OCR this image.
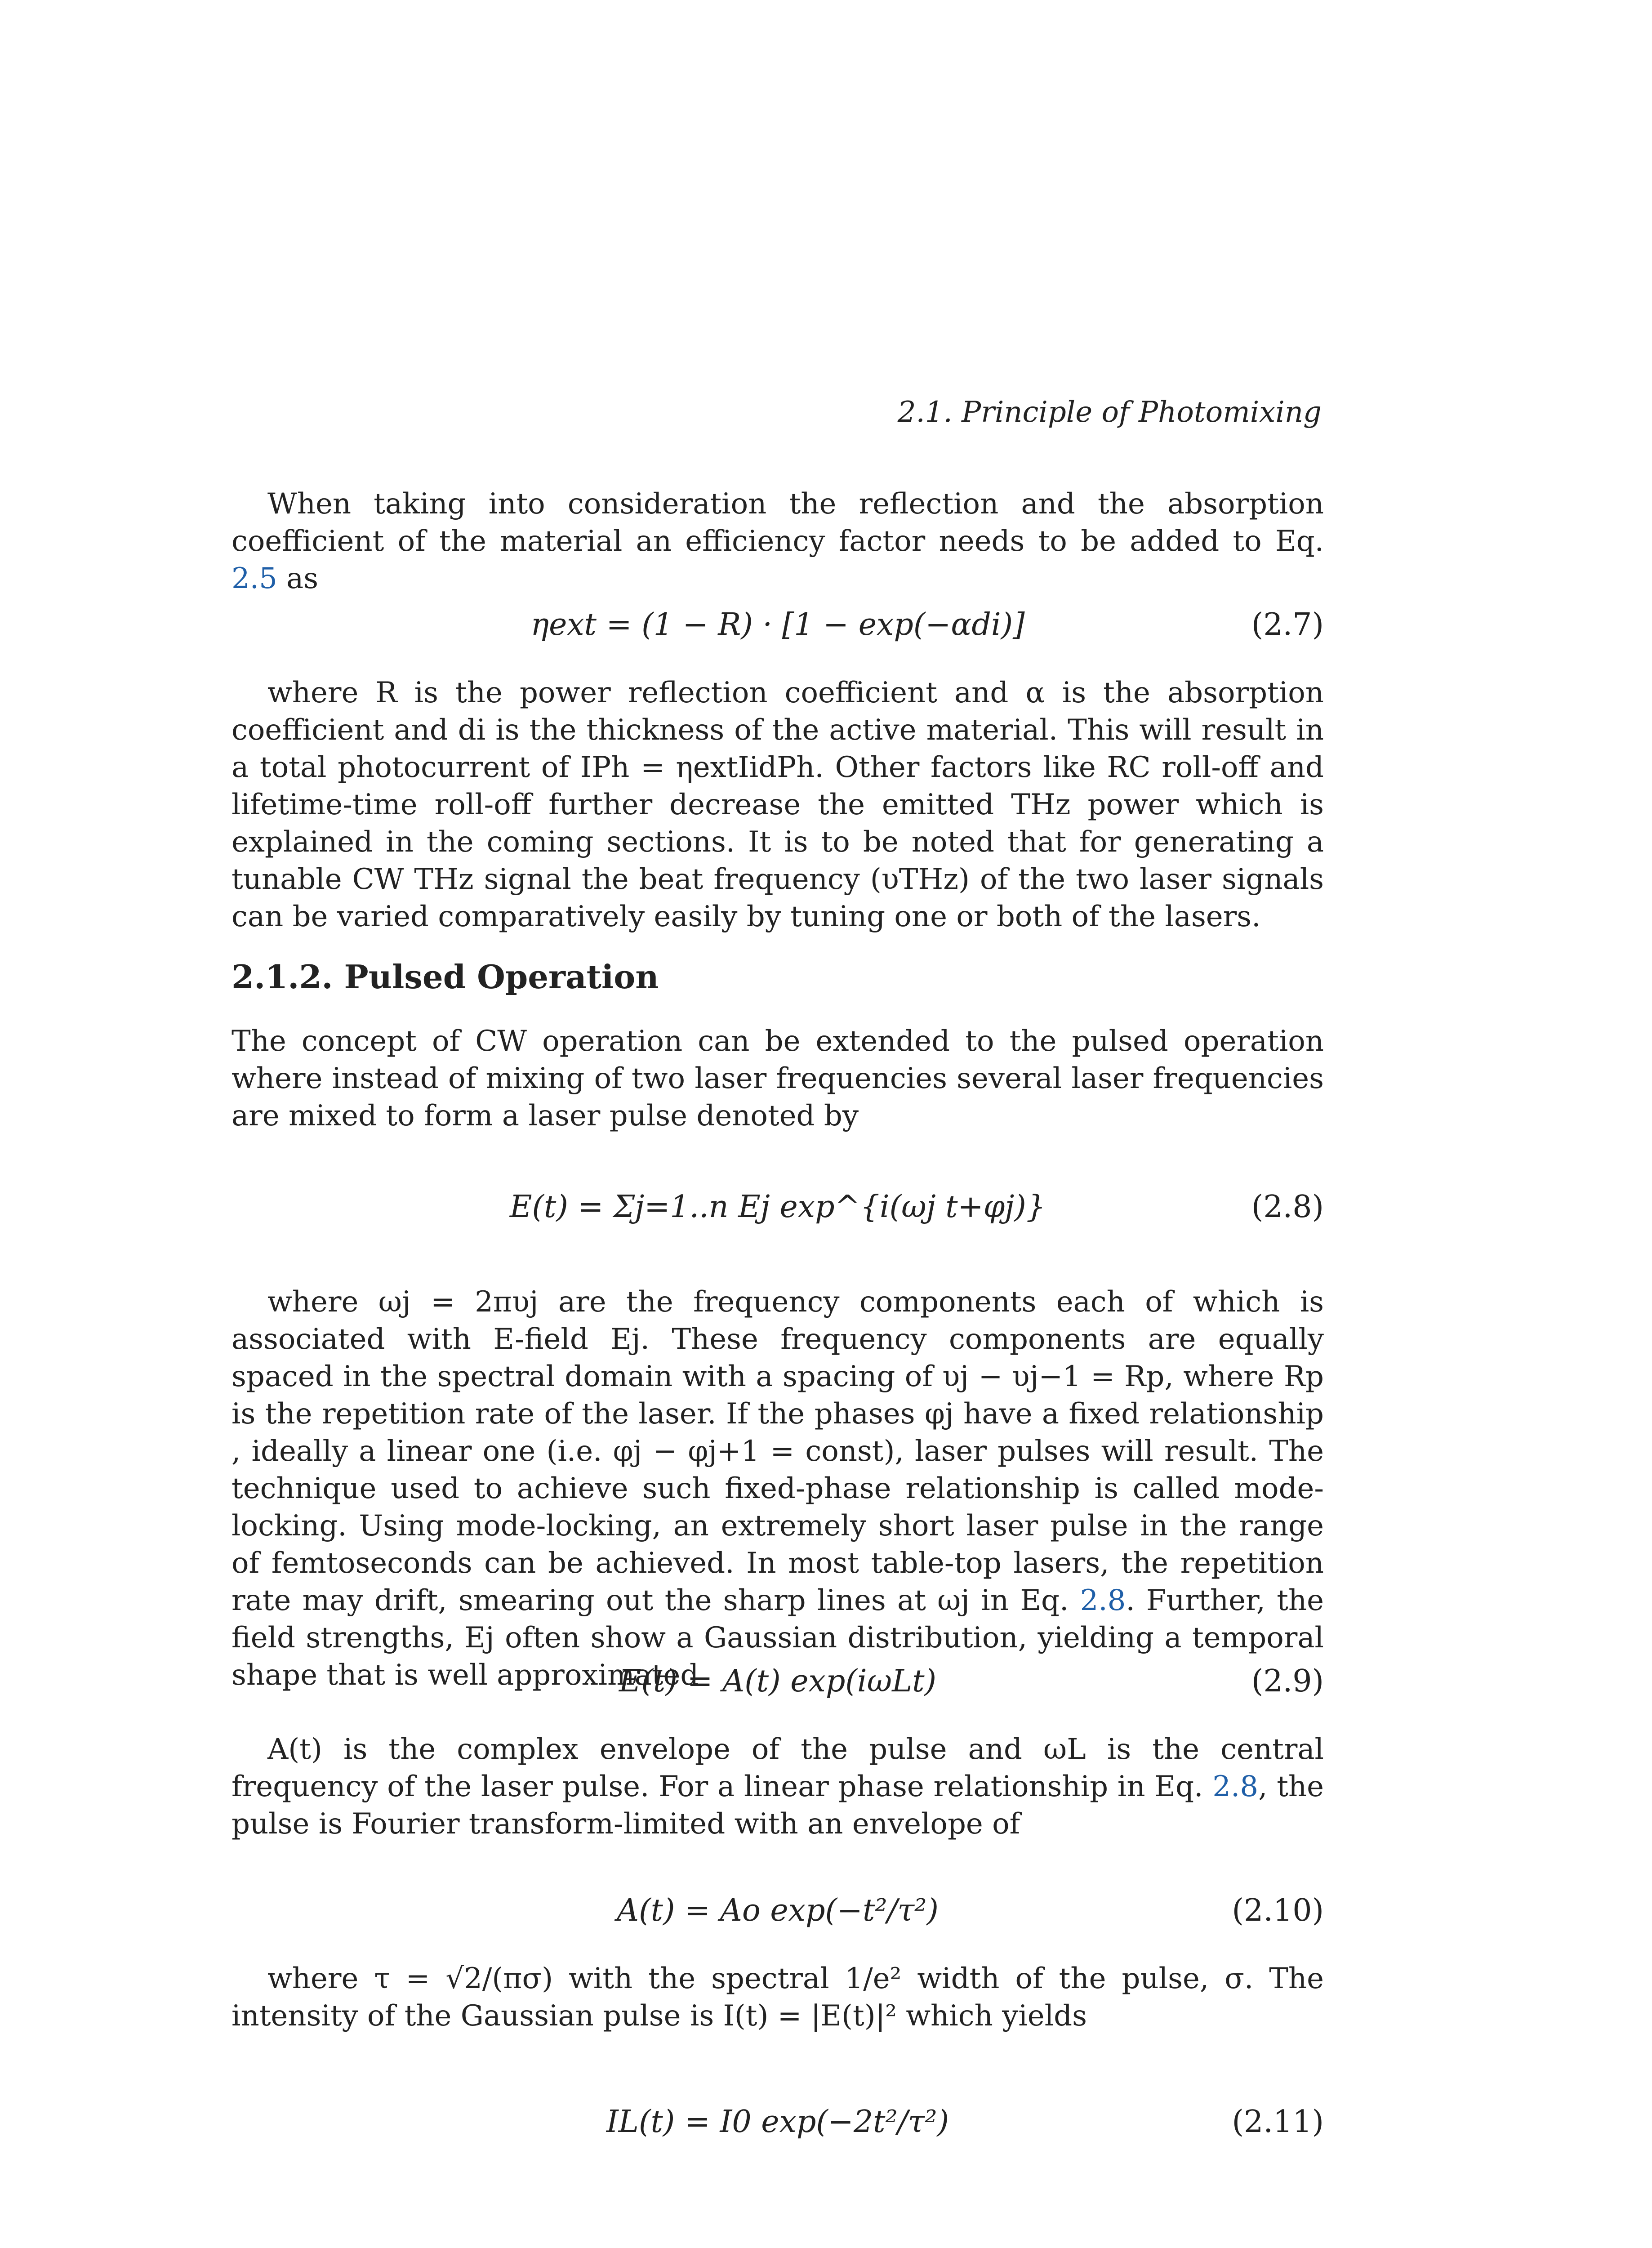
2.1. Principle of Photomixing
When taking into consideration the reflection and the absorption coefficient of the material an efficiency factor needs to be added to Eq. 2.5 as
ηext = (1 − R) · [1 − exp(−αdi)]	(2.7)
where R is the power reflection coefficient and α is the absorption coefficient and di is the thickness of the active material. This will result in a total photocurrent of IPh = ηextIidPh. Other factors like RC roll-off and lifetime-time roll-off further decrease the emitted THz power which is explained in the coming sections. It is to be noted that for generating a tunable CW THz signal the beat frequency (υTHz) of the two laser signals can be varied comparatively easily by tuning one or both of the lasers.
2.1.2. Pulsed Operation
The concept of CW operation can be extended to the pulsed operation where instead of mixing of two laser frequencies several laser frequencies are mixed to form a laser pulse denoted by
E(t) = Σj=1..n Ej exp^{i(ωj t+φj)}	(2.8)
where ωj = 2πυj are the frequency components each of which is associated with E-field Ej. These frequency components are equally spaced in the spectral domain with a spacing of υj − υj−1 = Rp, where Rp is the repetition rate of the laser. If the phases φj have a fixed relationship , ideally a linear one (i.e. φj − φj+1 = const), laser pulses will result. The technique used to achieve such fixed-phase relationship is called mode-locking. Using mode-locking, an extremely short laser pulse in the range of femtoseconds can be achieved. In most table-top lasers, the repetition rate may drift, smearing out the sharp lines at ωj in Eq. 2.8. Further, the field strengths, Ej often show a Gaussian distribution, yielding a temporal shape that is well approximated
E(t) = A(t) exp(iωLt)	(2.9)
A(t) is the complex envelope of the pulse and ωL is the central frequency of the laser pulse. For a linear phase relationship in Eq. 2.8, the pulse is Fourier transform-limited with an envelope of
A(t) = Ao exp(−t²/τ²)	(2.10)
where τ = √2/(πσ) with the spectral 1/e² width of the pulse, σ. The intensity of the Gaussian pulse is I(t) = |E(t)|² which yields
IL(t) = I0 exp(−2t²/τ²)	(2.11)
